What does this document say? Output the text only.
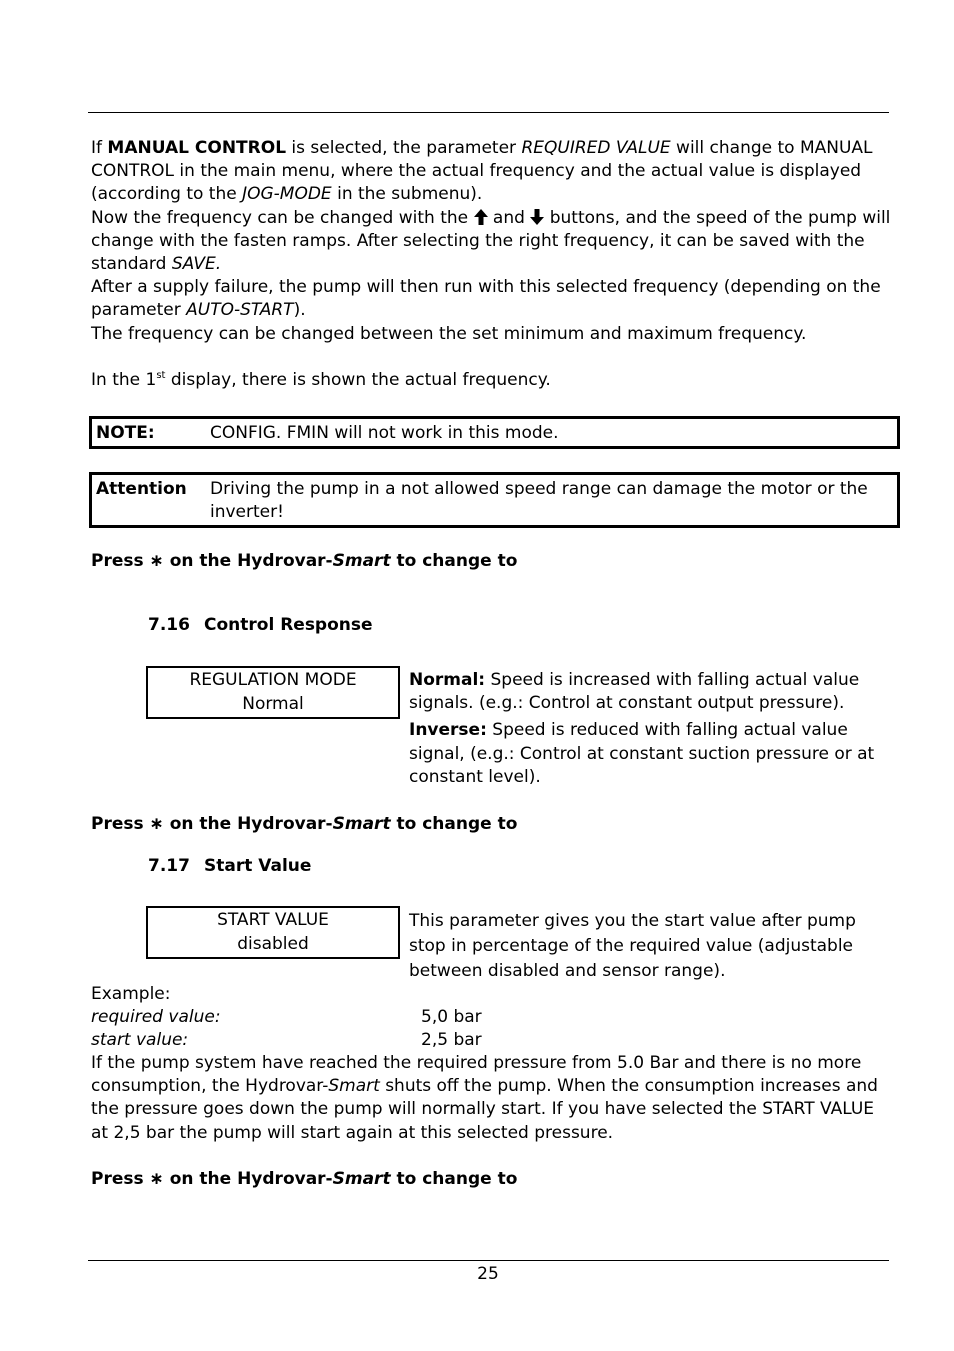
If MANUAL CONTROL is selected, the parameter REQUIRED VALUE will change to MANUAL CONTROL in the main menu, where the actual frequency and the actual value is displayed (according to the JOG-MODE in the submenu).

Now the frequency can be changed with the  and  buttons, and the speed of the pump will change with the fasten ramps. After selecting the right frequency, it can be saved with the standard SAVE.

After a supply failure, the pump will then run with this selected frequency (depending on the parameter AUTO-START).

The frequency can be changed between the set minimum and maximum frequency.

In the 1st display, there is shown the actual frequency.

NOTE:	CONFIG. FMIN will not work in this mode.
Attention Driving the pump in a not allowed speed range can damage the motor or the inverter!
Press ∗ on the Hydrovar-Smart to change to
7.16 Control Response
REGULATION MODE
Normal

Normal: Speed is increased with falling actual value signals. (e.g.: Control at constant output pressure).

Inverse: Speed is reduced with falling actual value signal, (e.g.: Control at constant suction pressure or at constant level).

Press ∗ on the Hydrovar-Smart to change to
7.17 Start Value
START VALUE
disabled
This parameter gives you the start value after pump stop in percentage of the required value (adjustable between disabled and sensor range).
Example:
required value:	5,0 bar
start value:	2,5 bar
If the pump system have reached the required pressure from 5.0 Bar and there is no more consumption, the Hydrovar-Smart shuts off the pump. When the consumption increases and the pressure goes down the pump will normally start. If you have selected the START VALUE at 2,5 bar the pump will start again at this selected pressure.
Press ∗ on the Hydrovar-Smart to change to
25
